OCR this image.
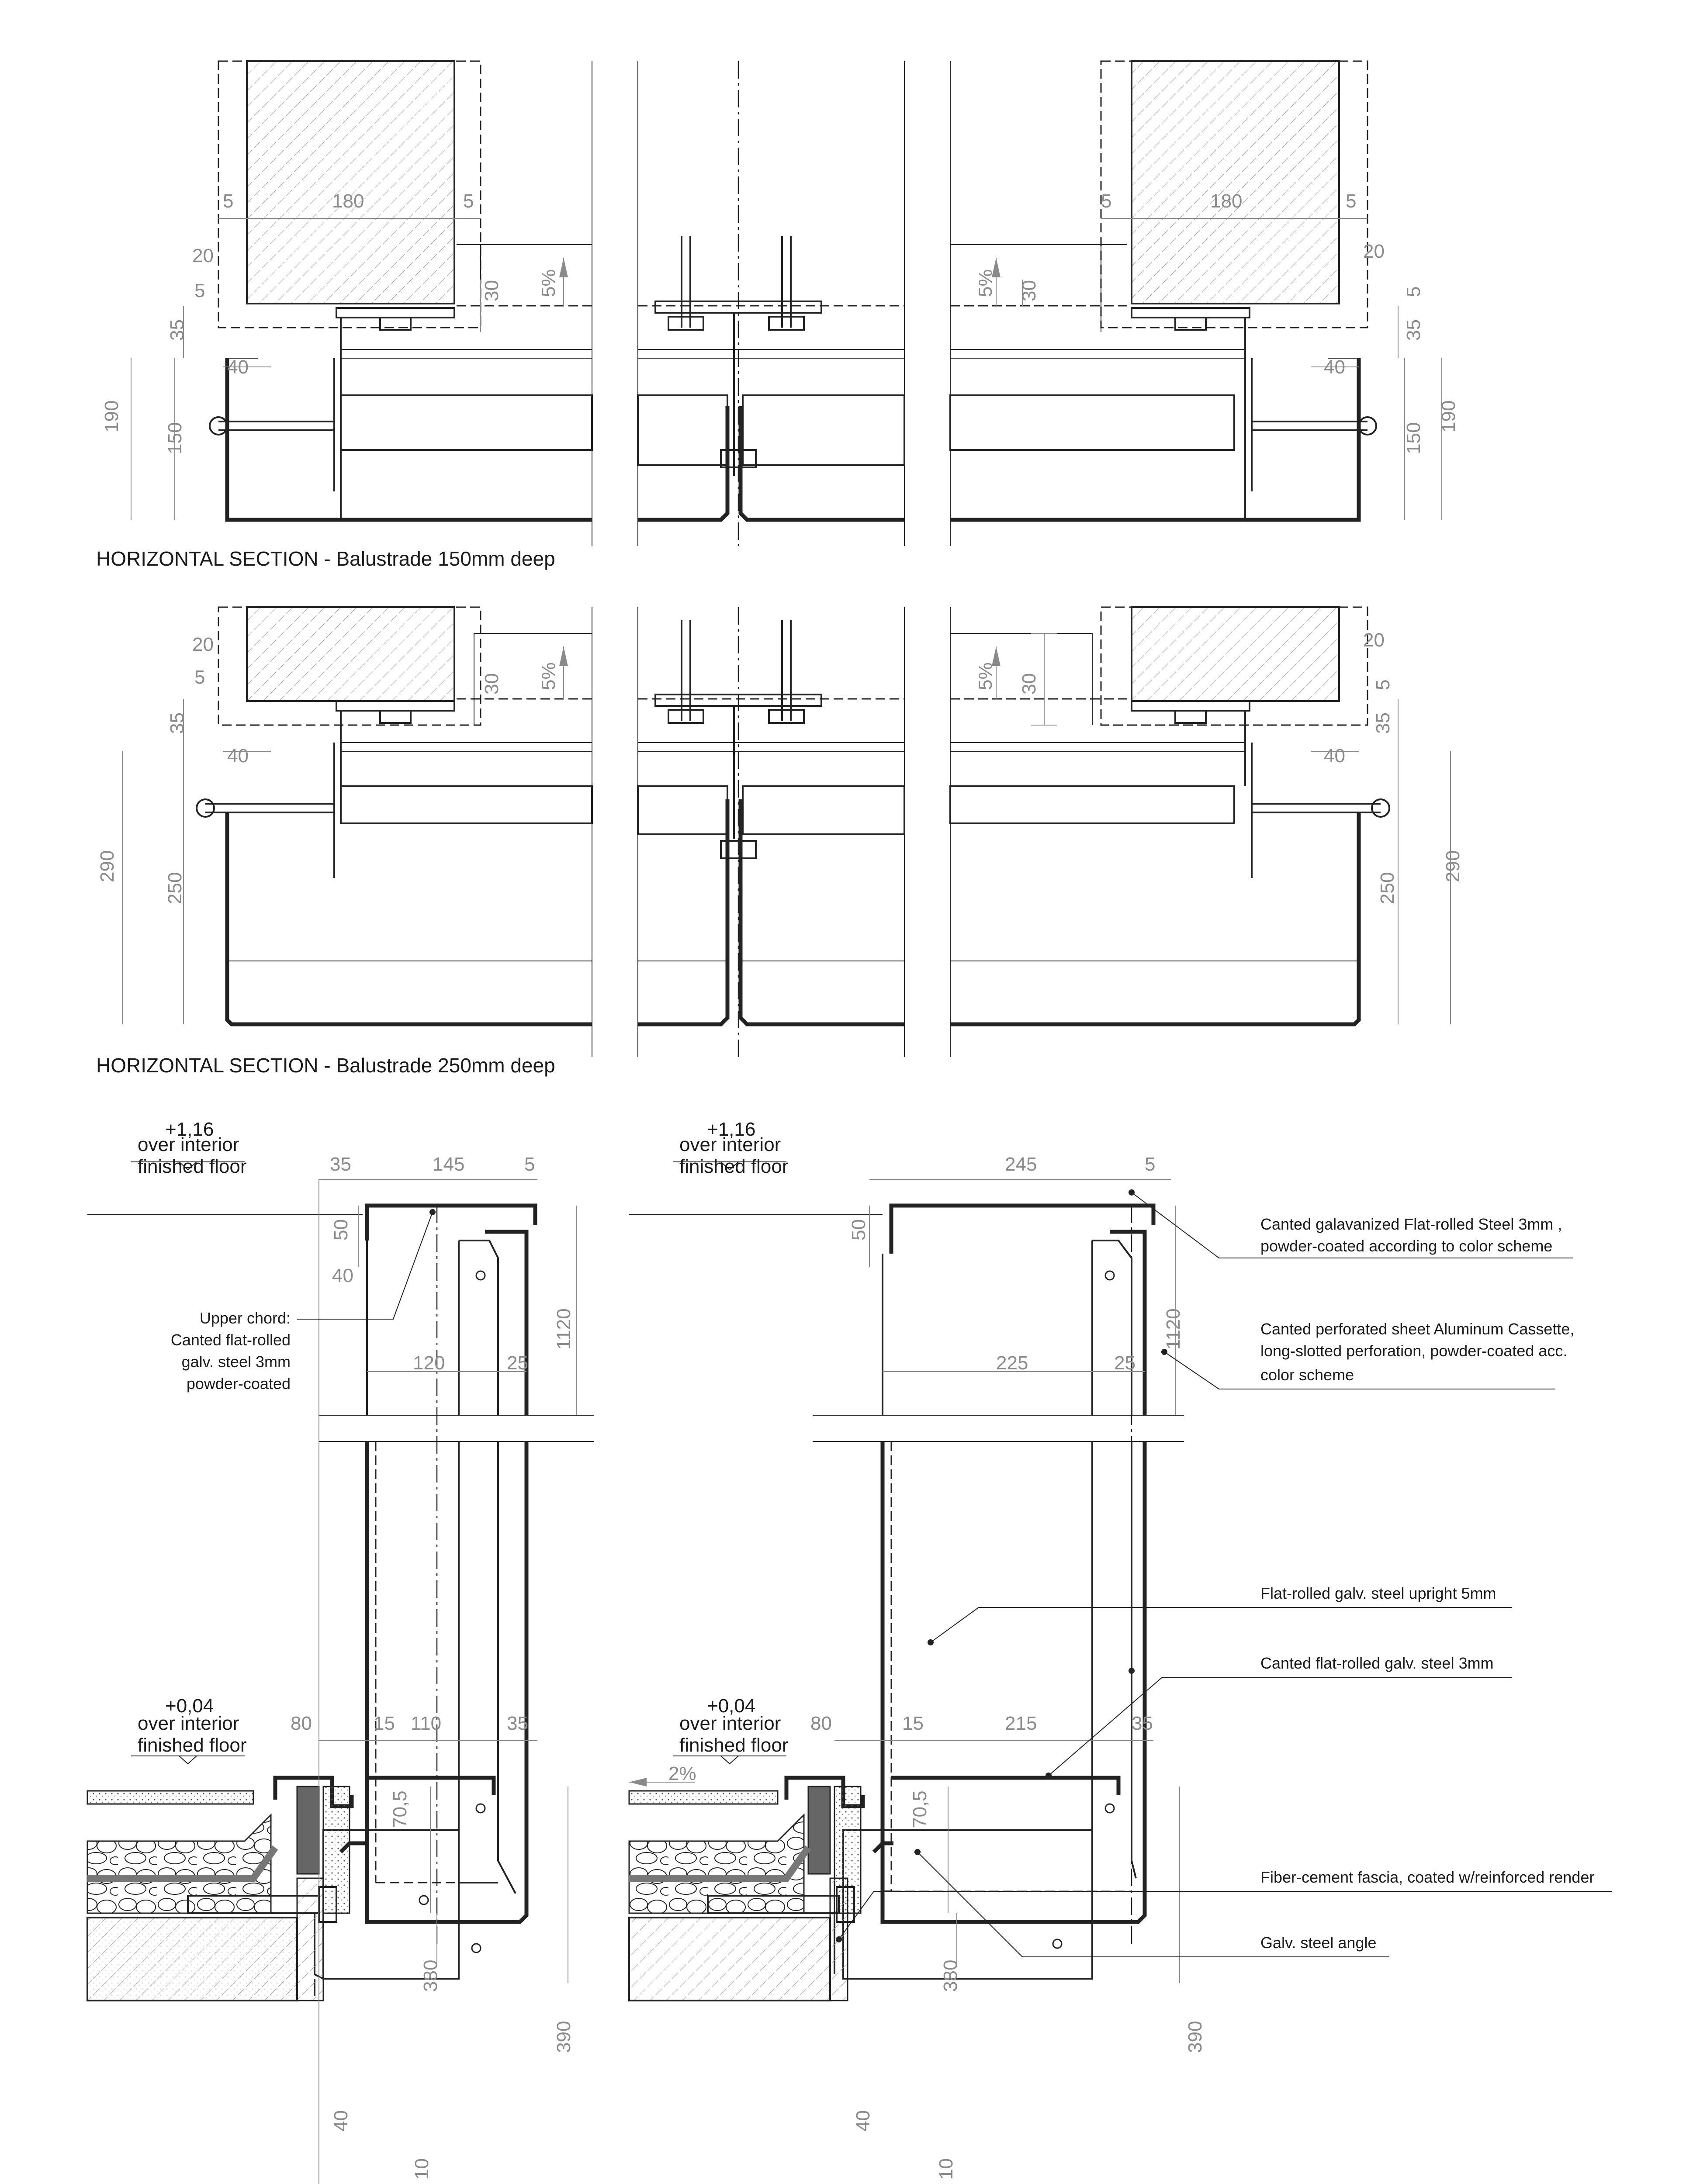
5	180	5
20
5	30
35
40
190
150
5%
5	180	5
20
5
30
35
40
190
150
5%
HORIZONTAL SECTION - Balustrade 150mm deep
20
5	30
35
40
290
250
5%
20
5
30
35
40
290
250
5%
HORIZONTAL SECTION - Balustrade 250mm deep
+1,16
over interior
finished floor
+0,04
over interior
finished floor
35	145	5
50
40
1120
120	25
80	15 110	35
70,5
380
390
40
10
Upper chord:
Canted flat-rolled
galv. steel 3mm
powder-coated
+1,16
over interior
finished floor
+0,04
over interior
finished floor
2%
245	5
50
1120
225	25
80	15	215	35
70,5
380
390
40
10
Canted galavanized Flat-rolled Steel 3mm ,
powder-coated according to color scheme
Canted perforated sheet Aluminum Cassette,
long-slotted perforation, powder-coated acc.
color scheme
Flat-rolled galv. steel upright 5mm
Canted flat-rolled galv. steel 3mm
Fiber-cement fascia, coated w/reinforced render
Galv. steel angle
